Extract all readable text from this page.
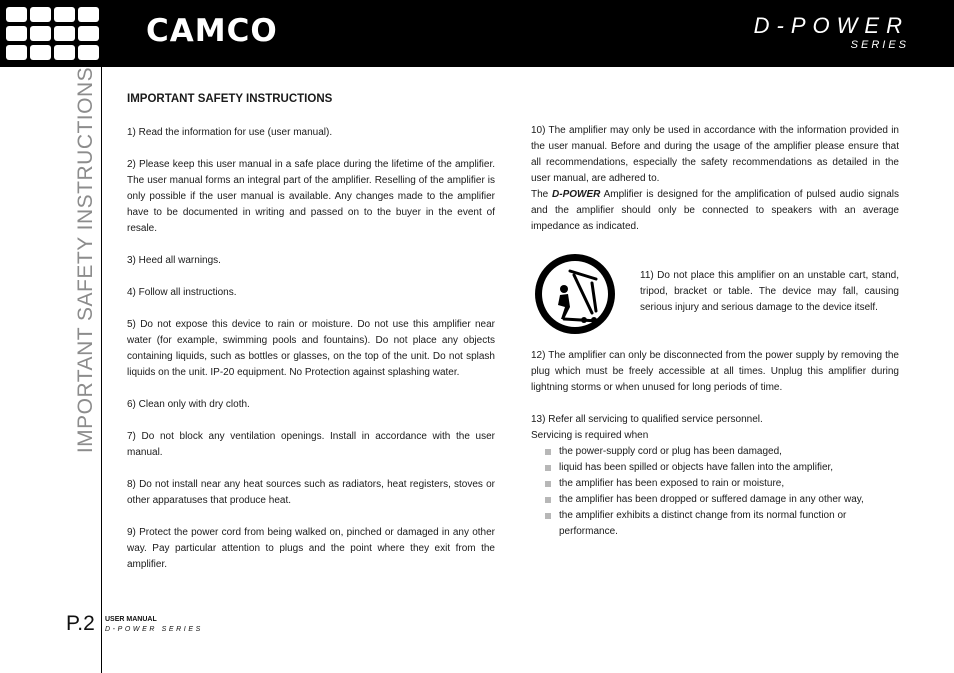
CAMCO	D-POWER
SERIES
IMPORTANT SAFETY INSTRUCTIONS
P.2 USER MANUAL
D-POWER SERIES
IMPORTANT SAFETY INSTRUCTIONS

1) Read the information for use (user manual).

2) Please keep this user manual in a safe place during the lifetime of the amplifier. The user manual forms an integral part of the amplifier. Reselling of the amplifier is only possible if the user manual is available. Any changes made to the amplifier have to be documented in writing and passed on to the buyer in the event of resale.

3) Heed all warnings.

4) Follow all instructions.

5) Do not expose this device to rain or moisture. Do not use this amplifier near water (for example, swimming pools and fountains). Do not place any objects containing liquids, such as bottles or glasses, on the top of the unit. Do not splash liquids on the unit. IP-20 equipment. No Protection against splashing water.

6) Clean only with dry cloth.

7) Do not block any ventilation openings. Install in accordance with the user manual.

8) Do not install near any heat sources such as radiators, heat registers, stoves or other apparatuses that produce heat.

9) Protect the power cord from being walked on, pinched or damaged in any other way. Pay particular attention to plugs and the point where they exit from the amplifier.

10) The amplifier may only be used in accordance with the information provided in the user manual. Before and during the usage of the amplifier please ensure that all recommendations, especially the safety recommendations as detailed in the user manual, are adhered to.

The D-POWER Amplifier is designed for the amplification of pulsed audio signals and the amplifier should only be connected to speakers with an average impedance as indicated.

11) Do not place this amplifier on an unstable cart, stand, tripod, bracket or table. The device may fall, causing serious injury and serious damage to the device itself.
12) The amplifier can only be disconnected from the power supply by removing the plug which must be freely accessible at all times. Unplug this amplifier during lightning storms or when unused for long periods of time.

13) Refer all servicing to qualified service personnel.

Servicing is required when

the power-supply cord or plug has been damaged,
liquid has been spilled or objects have fallen into the amplifier,
the amplifier has been exposed to rain or moisture,
the amplifier has been dropped or suffered damage in any other way,
the amplifier exhibits a distinct change from its normal function or performance.
